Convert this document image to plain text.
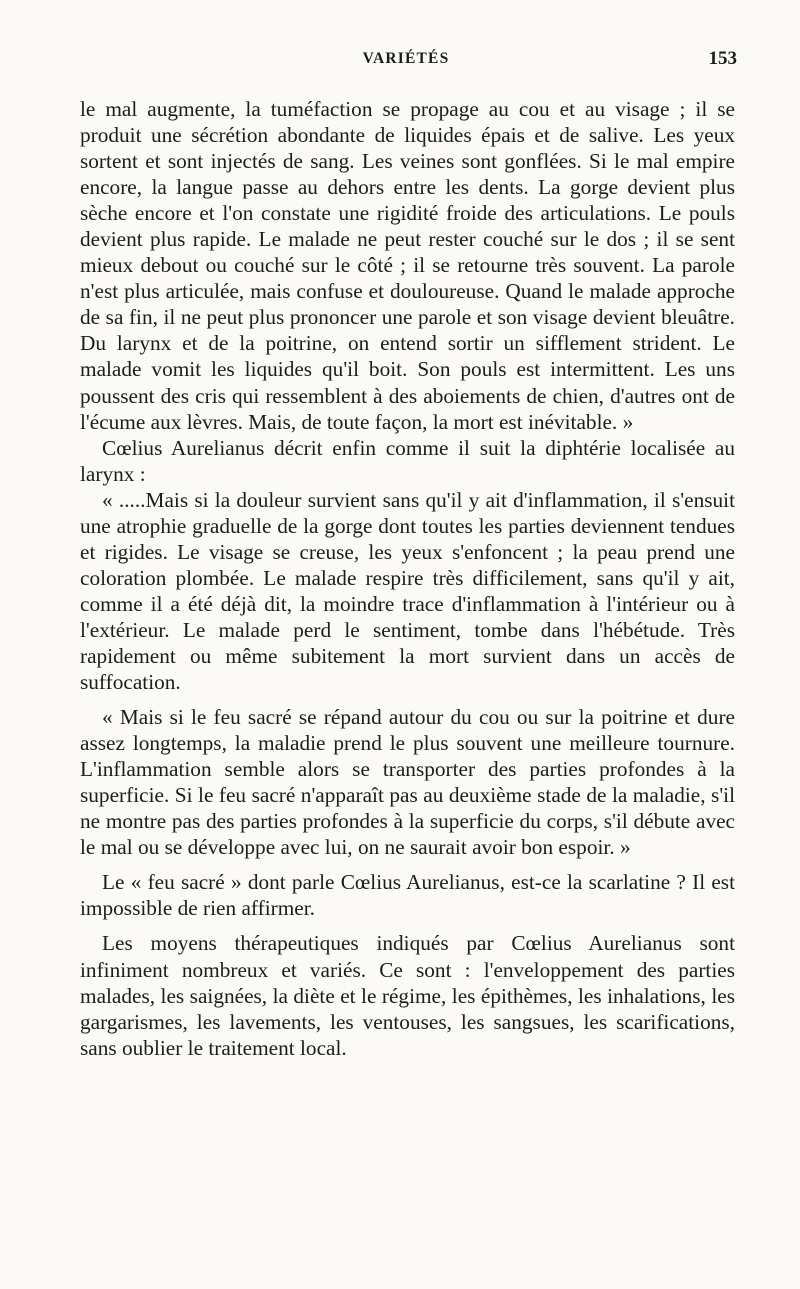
VARIÉTÉS	153

le mal augmente, la tuméfaction se propage au cou et au visage ; il se produit une sécrétion abondante de liquides épais et de salive. Les yeux sortent et sont injectés de sang. Les veines sont gonflées. Si le mal empire encore, la langue passe au dehors entre les dents. La gorge devient plus sèche encore et l'on constate une rigidité froide des articulations. Le pouls devient plus rapide. Le malade ne peut rester couché sur le dos ; il se sent mieux debout ou couché sur le côté ; il se retourne très souvent. La parole n'est plus articulée, mais confuse et douloureuse. Quand le malade approche de sa fin, il ne peut plus prononcer une parole et son visage devient bleuâtre. Du larynx et de la poitrine, on entend sortir un sifflement strident. Le malade vomit les liquides qu'il boit. Son pouls est intermittent. Les uns poussent des cris qui ressemblent à des aboiements de chien, d'autres ont de l'écume aux lèvres. Mais, de toute façon, la mort est inévitable. »

Cœlius Aurelianus décrit enfin comme il suit la diphtérie localisée au larynx :

« .....Mais si la douleur survient sans qu'il y ait d'inflammation, il s'ensuit une atrophie graduelle de la gorge dont toutes les parties deviennent tendues et rigides. Le visage se creuse, les yeux s'enfoncent ; la peau prend une coloration plombée. Le malade respire très difficilement, sans qu'il y ait, comme il a été déjà dit, la moindre trace d'inflammation à l'intérieur ou à l'extérieur. Le malade perd le sentiment, tombe dans l'hébétude. Très rapidement ou même subitement la mort survient dans un accès de suffocation.

« Mais si le feu sacré se répand autour du cou ou sur la poitrine et dure assez longtemps, la maladie prend le plus souvent une meilleure tournure. L'inflammation semble alors se transporter des parties profondes à la superficie. Si le feu sacré n'apparaît pas au deuxième stade de la maladie, s'il ne montre pas des parties profondes à la superficie du corps, s'il débute avec le mal ou se développe avec lui, on ne saurait avoir bon espoir. »

Le « feu sacré » dont parle Cœlius Aurelianus, est-ce la scarlatine ? Il est impossible de rien affirmer.

Les moyens thérapeutiques indiqués par Cœlius Aurelianus sont infiniment nombreux et variés. Ce sont : l'enveloppement des parties malades, les saignées, la diète et le régime, les épithèmes, les inhalations, les gargarismes, les lavements, les ventouses, les sangsues, les scarifications, sans oublier le traitement local.
